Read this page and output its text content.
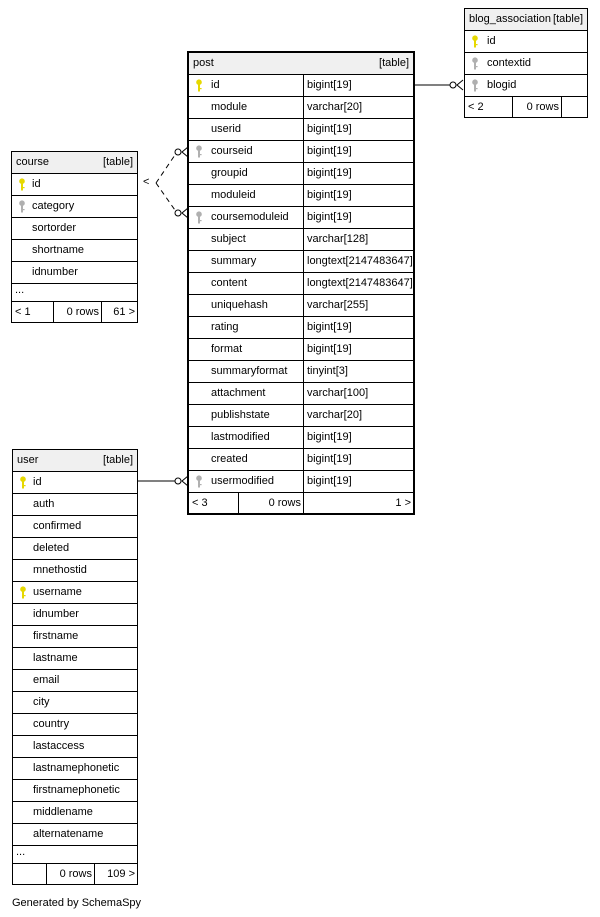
<
post	[table]
id	bigint[19]
module	varchar[20]
userid	bigint[19]
courseid	bigint[19]
groupid	bigint[19]
moduleid	bigint[19]
coursemoduleid bigint[19]
subject	varchar[128]
summary	longtext[2147483647]
content	longtext[2147483647]
uniquehash	varchar[255]
rating	bigint[19]
format	bigint[19]
summaryformat tinyint[3]
attachment	varchar[100]
publishstate	varchar[20]
lastmodified	bigint[19]
created	bigint[19]
usermodified	bigint[19]
< 3	0 rows	1 >
blog_association [table]
id
contextid
blogid
< 2	0 rows
course	[table]
id
category
sortorder
shortname
idnumber
...
< 1	0 rows 61 >
user	[table]
id
auth
confirmed
deleted
mnethostid
username
idnumber
firstname
lastname
email
city
country
lastaccess
lastnamephonetic
firstnamephonetic
middlename
alternatename
...
0 rows 109 >
Generated by SchemaSpy
